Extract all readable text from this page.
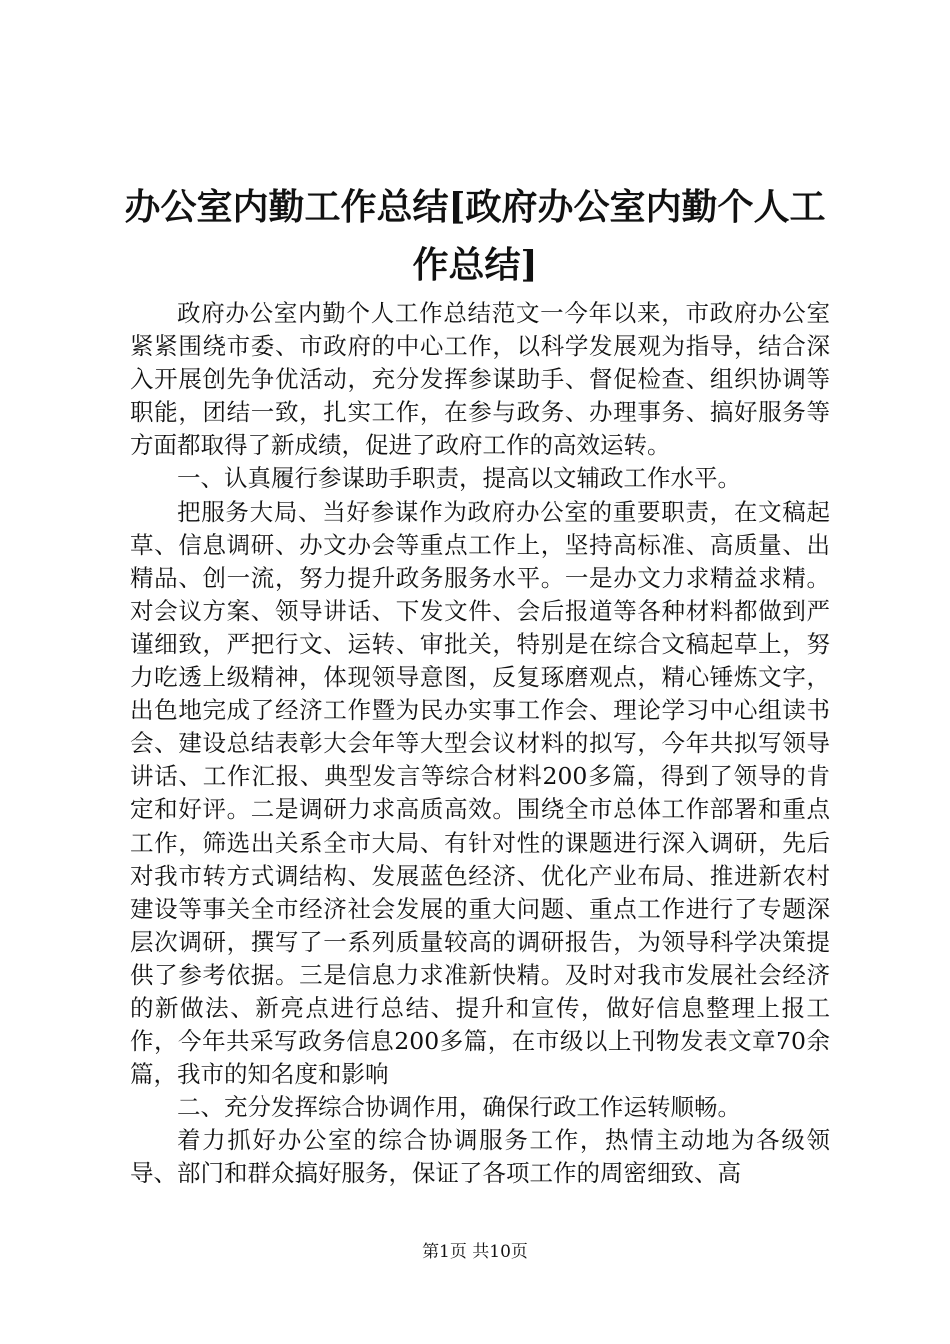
办公室内勤工作总结[政府办公室内勤个人工作总结]

政府办公室内勤个人工作总结范文一今年以来，市政府办公室紧紧围绕市委、市政府的中心工作，以科学发展观为指导，结合深入开展创先争优活动，充分发挥参谋助手、督促检查、组织协调等职能，团结一致，扎实工作，在参与政务、办理事务、搞好服务等方面都取得了新成绩，促进了政府工作的高效运转。

一、认真履行参谋助手职责，提高以文辅政工作水平。

把服务大局、当好参谋作为政府办公室的重要职责，在文稿起草、信息调研、办文办会等重点工作上，坚持高标准、高质量、出精品、创一流，努力提升政务服务水平。一是办文力求精益求精。对会议方案、领导讲话、下发文件、会后报道等各种材料都做到严谨细致，严把行文、运转、审批关，特别是在综合文稿起草上，努力吃透上级精神，体现领导意图，反复琢磨观点，精心锤炼文字，出色地完成了经济工作暨为民办实事工作会、理论学习中心组读书会、建设总结表彰大会年等大型会议材料的拟写，今年共拟写领导讲话、工作汇报、典型发言等综合材料200多篇，得到了领导的肯定和好评。二是调研力求高质高效。围绕全市总体工作部署和重点工作，筛选出关系全市大局、有针对性的课题进行深入调研，先后对我市转方式调结构、发展蓝色经济、优化产业布局、推进新农村建设等事关全市经济社会发展的重大问题、重点工作进行了专题深层次调研，撰写了一系列质量较高的调研报告，为领导科学决策提供了参考依据。三是信息力求准新快精。及时对我市发展社会经济的新做法、新亮点进行总结、提升和宣传，做好信息整理上报工作，今年共采写政务信息200多篇，在市级以上刊物发表文章70余篇，我市的知名度和影响

二、充分发挥综合协调作用，确保行政工作运转顺畅。

着力抓好办公室的综合协调服务工作，热情主动地为各级领导、部门和群众搞好服务，保证了各项工作的周密细致、高

第1页 共10页
